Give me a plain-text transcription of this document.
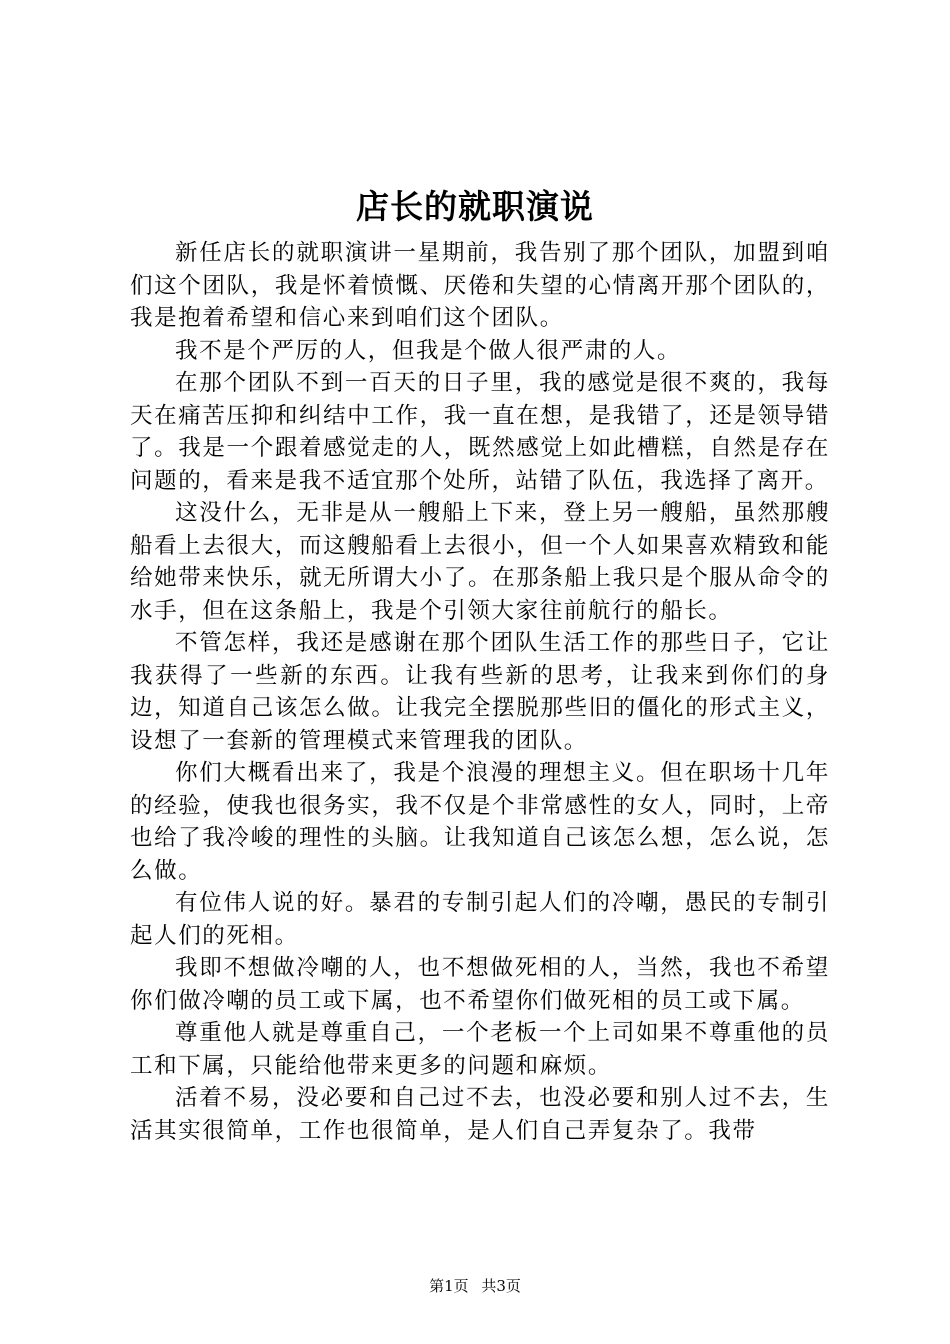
店长的就职演说

新任店长的就职演讲一星期前，我告别了那个团队，加盟到咱们这个团队，我是怀着愤慨、厌倦和失望的心情离开那个团队的，我是抱着希望和信心来到咱们这个团队。

我不是个严厉的人，但我是个做人很严肃的人。

在那个团队不到一百天的日子里，我的感觉是很不爽的，我每天在痛苦压抑和纠结中工作，我一直在想，是我错了，还是领导错了。我是一个跟着感觉走的人，既然感觉上如此槽糕，自然是存在问题的，看来是我不适宜那个处所，站错了队伍，我选择了离开。

这没什么，无非是从一艘船上下来，登上另一艘船，虽然那艘船看上去很大，而这艘船看上去很小，但一个人如果喜欢精致和能给她带来快乐，就无所谓大小了。在那条船上我只是个服从命令的水手，但在这条船上，我是个引领大家往前航行的船长。

不管怎样，我还是感谢在那个团队生活工作的那些日子，它让我获得了一些新的东西。让我有些新的思考，让我来到你们的身边，知道自己该怎么做。让我完全摆脱那些旧的僵化的形式主义，设想了一套新的管理模式来管理我的团队。

你们大概看出来了，我是个浪漫的理想主义。但在职场十几年的经验，使我也很务实，我不仅是个非常感性的女人，同时，上帝也给了我冷峻的理性的头脑。让我知道自己该怎么想，怎么说，怎么做。

有位伟人说的好。暴君的专制引起人们的冷嘲，愚民的专制引起人们的死相。

我即不想做冷嘲的人，也不想做死相的人，当然，我也不希望你们做冷嘲的员工或下属，也不希望你们做死相的员工或下属。

尊重他人就是尊重自己，一个老板一个上司如果不尊重他的员工和下属，只能给他带来更多的问题和麻烦。

活着不易，没必要和自己过不去，也没必要和别人过不去，生活其实很简单，工作也很简单，是人们自己弄复杂了。我带

第1页 共3页
